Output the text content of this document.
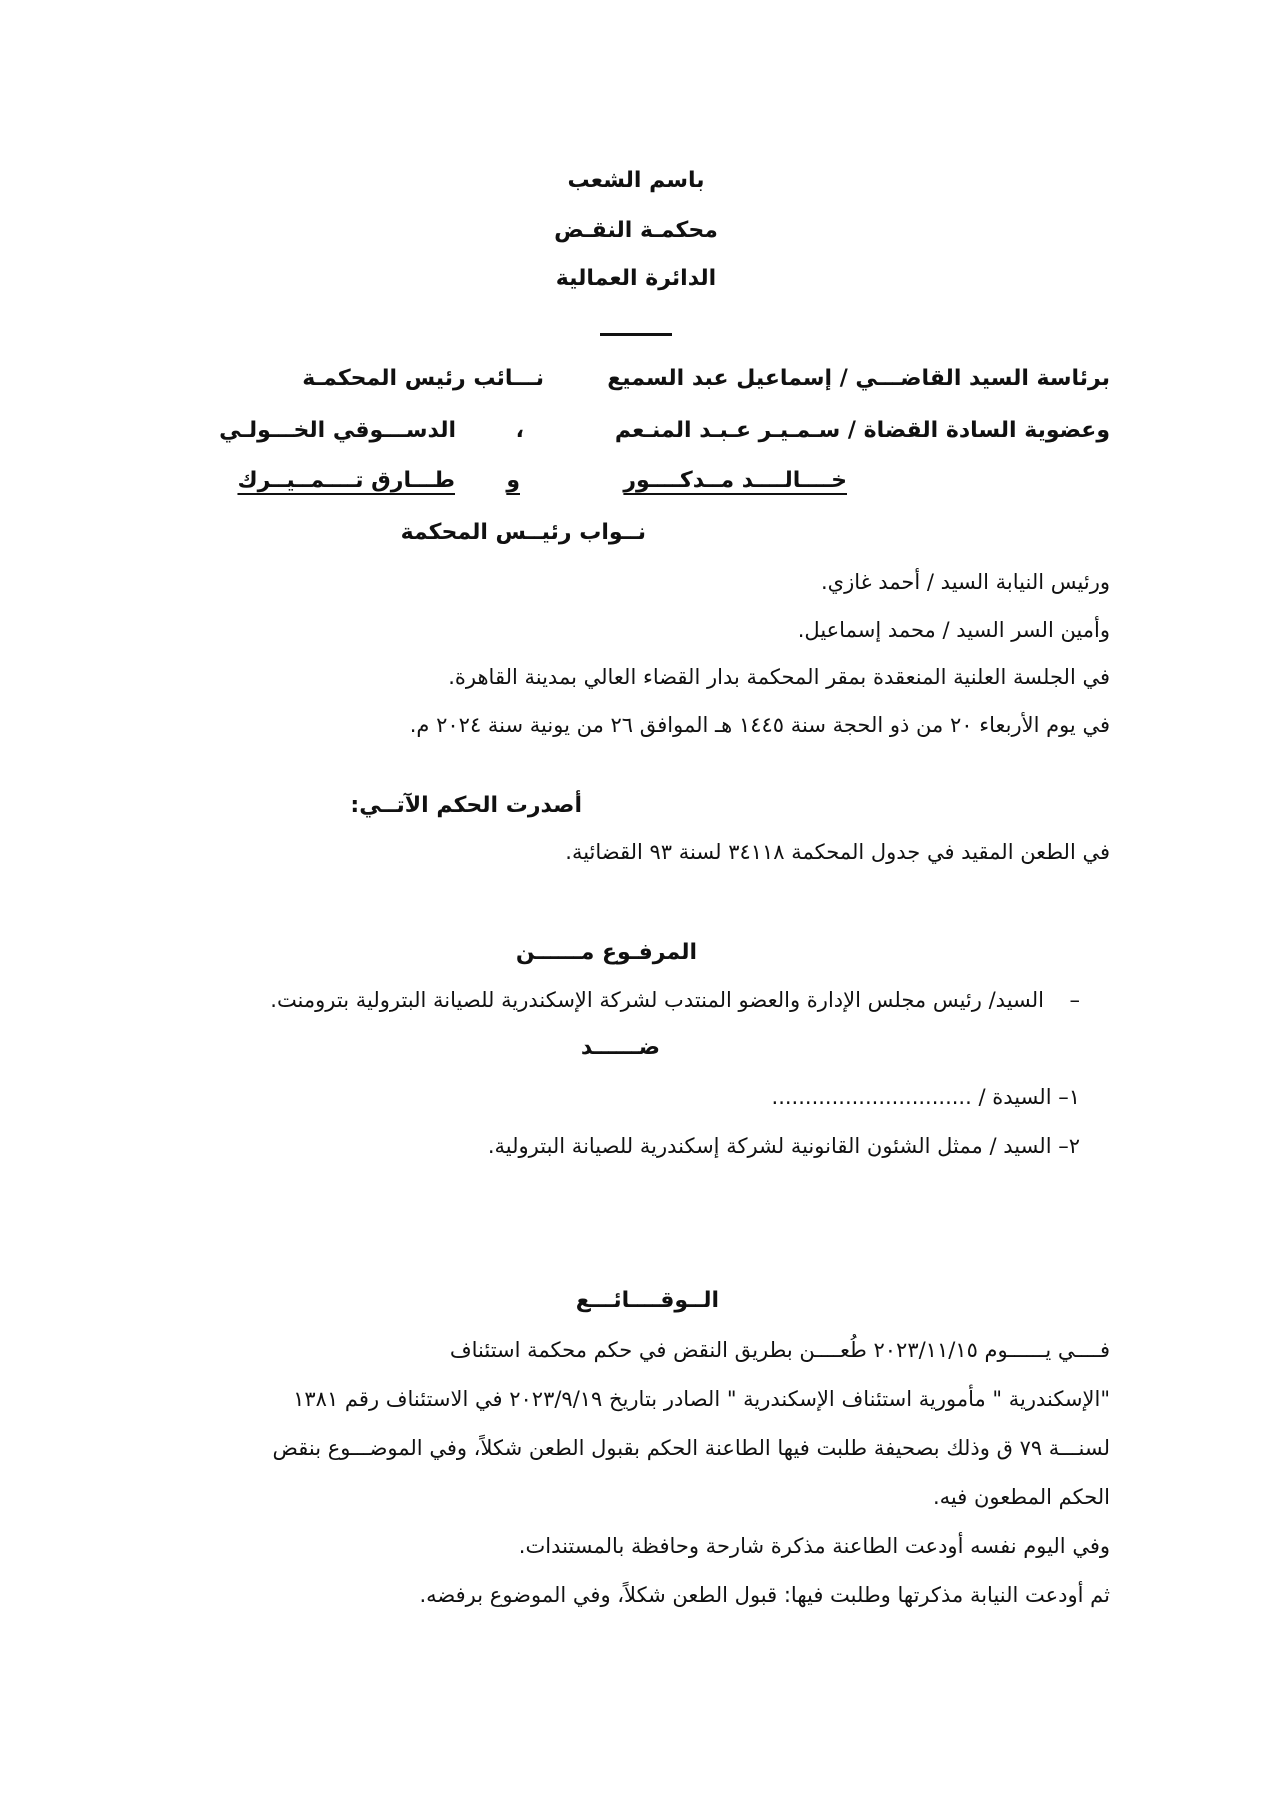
باسم الشعب
محكمـة النقـض
الدائرة العمالية
برئاسة السيد القاضـــي / إسماعيل عبد السميع
نـــائب رئيس المحكمـة
وعضوية السادة القضاة / سـمـيـر عـبـد المنـعم
،
الدســـوقي الخـــولـي
خــــالــــد مــدكــــور
و
طـــارق تــــمــيــرك
نــواب رئيــس المحكمة
ورئيس النيابة السيد / أحمد غازي.
وأمين السر السيد / محمد إسماعيل.
في الجلسة العلنية المنعقدة بمقر المحكمة بدار القضاء العالي بمدينة القاهرة.
في يوم الأربعاء ٢٠ من ذو الحجة سنة ١٤٤٥ هـ الموافق ٢٦ من يونية سنة ٢٠٢٤ م.
أصدرت الحكم الآتــي:
في الطعن المقيد في جدول المحكمة ٣٤١١٨ لسنة ٩٣ القضائية.
المرفـوع مــــــن
–
السيد/ رئيس مجلس الإدارة والعضو المنتدب لشركة الإسكندرية للصيانة البترولية بترومنت.
ضــــــد
١– السيدة / ..............................
٢– السيد / ممثل الشئون القانونية لشركة إسكندرية للصيانة البترولية.
الــوقــــائـــع
فــــي يــــــوم ٢٠٢٣/١١/١٥ طُعــــن بطريق النقض في حكم محكمة استئناف
"الإسكندرية " مأمورية استئناف الإسكندرية " الصادر بتاريخ ٢٠٢٣/٩/١٩ في الاستئناف رقم ١٣٨١
لسنـــة ٧٩ ق وذلك بصحيفة طلبت فيها الطاعنة الحكم بقبول الطعن شكلاً، وفي الموضـــوع بنقض
الحكم المطعون فيه.
وفي اليوم نفسه أودعت الطاعنة مذكرة شارحة وحافظة بالمستندات.
ثم أودعت النيابة مذكرتها وطلبت فيها: قبول الطعن شكلاً، وفي الموضوع برفضه.
